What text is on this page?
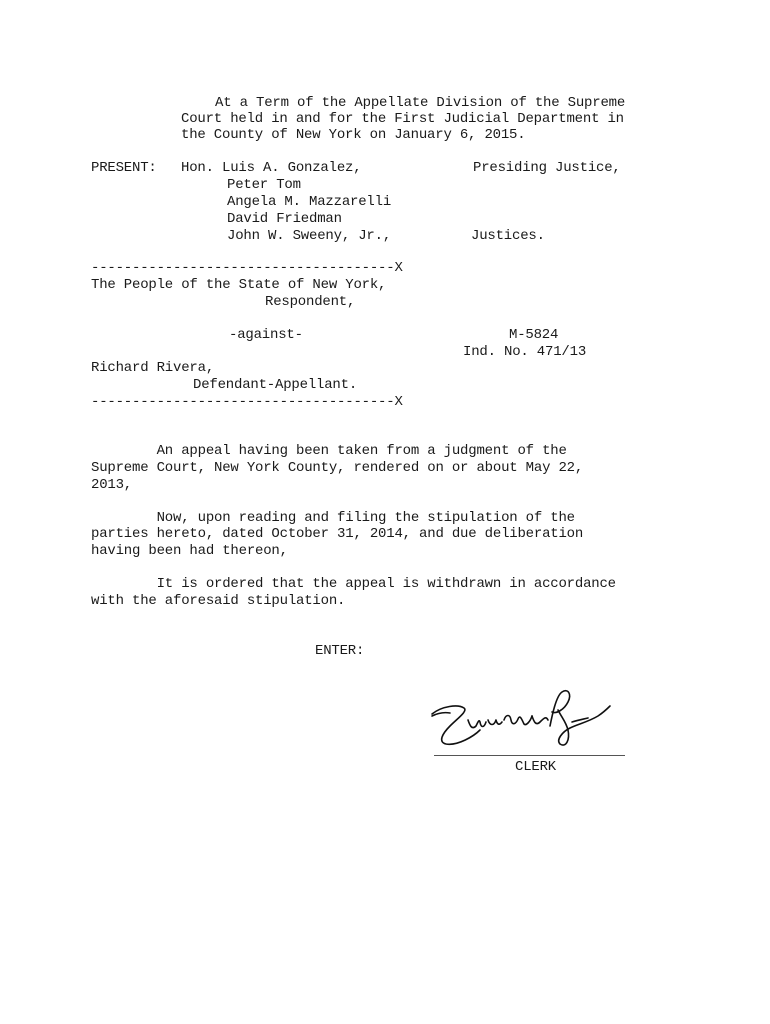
At a Term of the Appellate Division of the Supreme
Court held in and for the First Judicial Department in
the County of New York on January 6, 2015.
PRESENT: Hon. Luis A. Gonzalez,	Presiding Justice,
Peter Tom
Angela M. Mazzarelli
David Friedman
John W. Sweeny, Jr.,	Justices.
-------------------------------------X
The People of the State of New York,
Respondent,
-against-	M-5824
Ind. No. 471/13
Richard Rivera,
Defendant-Appellant.
-------------------------------------X
An appeal having been taken from a judgment of the
Supreme Court, New York County, rendered on or about May 22,
2013,
Now, upon reading and filing the stipulation of the
parties hereto, dated October 31, 2014, and due deliberation
having been had thereon,
It is ordered that the appeal is withdrawn in accordance
with the aforesaid stipulation.
ENTER:
CLERK
